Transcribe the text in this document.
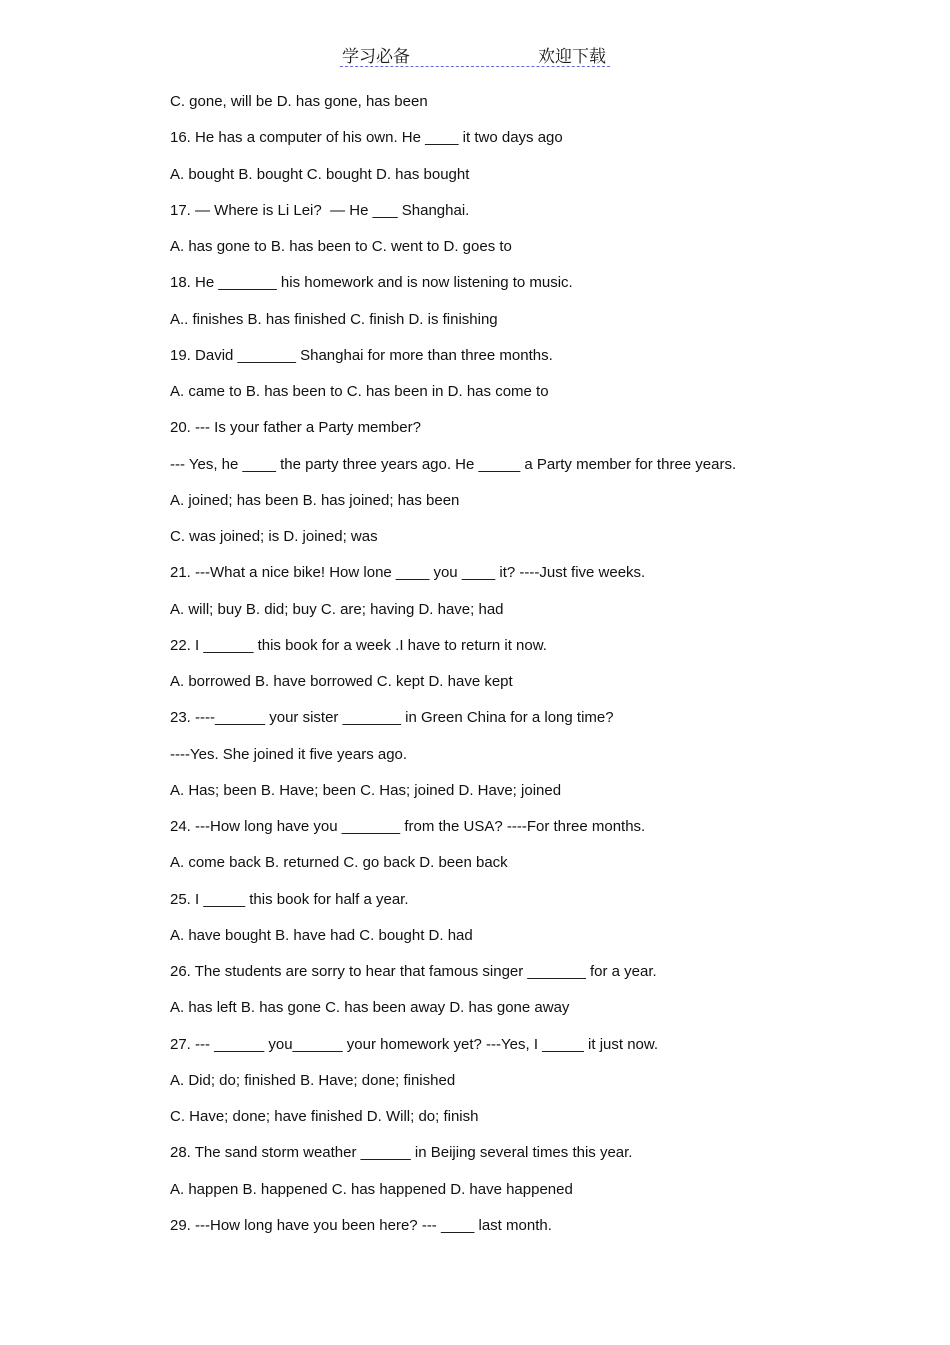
学习必备	欢迎下载
C. gone, will be D. has gone, has been
16. He has a computer of his own. He ____ it two days ago
A. bought B. bought C. bought D. has bought
17. — Where is Li Lei?  — He ___ Shanghai.
A. has gone to B. has been to C. went to D. goes to
18. He _______ his homework and is now listening to music.
A.. finishes B. has finished C. finish D. is finishing
19. David _______ Shanghai for more than three months.
A. came to B. has been to C. has been in D. has come to
20. --- Is your father a Party member?
--- Yes, he ____ the party three years ago. He _____ a Party member for three years.
A. joined; has been B. has joined; has been
C. was joined; is D. joined; was
21. ---What a nice bike! How lone ____ you ____ it? ----Just five weeks.
A. will; buy B. did; buy C. are; having D. have; had
22. I ______ this book for a week .I have to return it now.
A. borrowed B. have borrowed C. kept D. have kept
23. ----______ your sister _______ in Green China for a long time?
----Yes. She joined it five years ago.
A. Has; been B. Have; been C. Has; joined D. Have; joined
24. ---How long have you _______ from the USA? ----For three months.
A. come back B. returned C. go back D. been back
25. I _____ this book for half a year.
A. have bought B. have had C. bought D. had
26. The students are sorry to hear that famous singer _______ for a year.
A. has left B. has gone C. has been away D. has gone away
27. --- ______ you______ your homework yet? ---Yes, I _____ it just now.
A. Did; do; finished B. Have; done; finished
C. Have; done; have finished D. Will; do; finish
28. The sand storm weather ______ in Beijing several times this year.
A. happen B. happened C. has happened D. have happened
29. ---How long have you been here? --- ____ last month.
